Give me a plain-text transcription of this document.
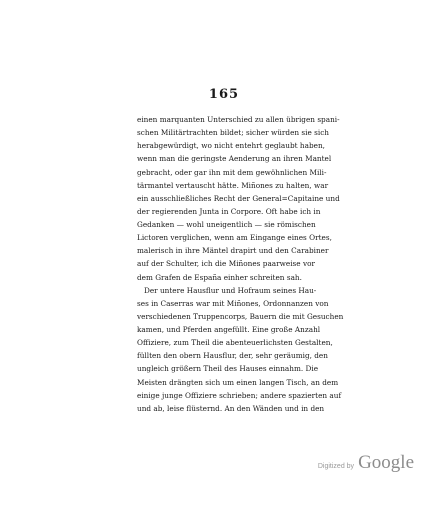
165
einen marquanten Unterschied zu allen übrigen spani-
schen Militärtrachten bildet; sicher würden sie sich
herabgewürdigt, wo nicht entehrt geglaubt haben,
wenn man die geringste Aenderung an ihren Mantel
gebracht, oder gar ihn mit dem gewöhnlichen Mili-
tärmantel vertauscht hätte. Miñones zu halten, war
ein ausschließliches Recht der General=Capitaine und
der regierenden Junta in Corpore. Oft habe ich in
Gedanken — wohl uneigentlich — sie römischen
Lictoren verglichen, wenn am Eingange eines Ortes,
malerisch in ihre Mäntel drapirt und den Carabiner
auf der Schulter, ich die Miñones paarweise vor
dem Grafen de España einher schreiten sah.
Der untere Hausflur und Hofraum seines Hau-
ses in Caserras war mit Miñones, Ordonnanzen von
verschiedenen Truppencorps, Bauern die mit Gesuchen
kamen, und Pferden angefüllt. Eine große Anzahl
Offiziere, zum Theil die abenteuerlichsten Gestalten,
füllten den obern Hausflur, der, sehr geräumig, den
ungleich größern Theil des Hauses einnahm. Die
Meisten drängten sich um einen langen Tisch, an dem
einige junge Offiziere schrieben; andere spazierten auf
und ab, leise flüsternd. An den Wänden und in den
Digitized by Google
